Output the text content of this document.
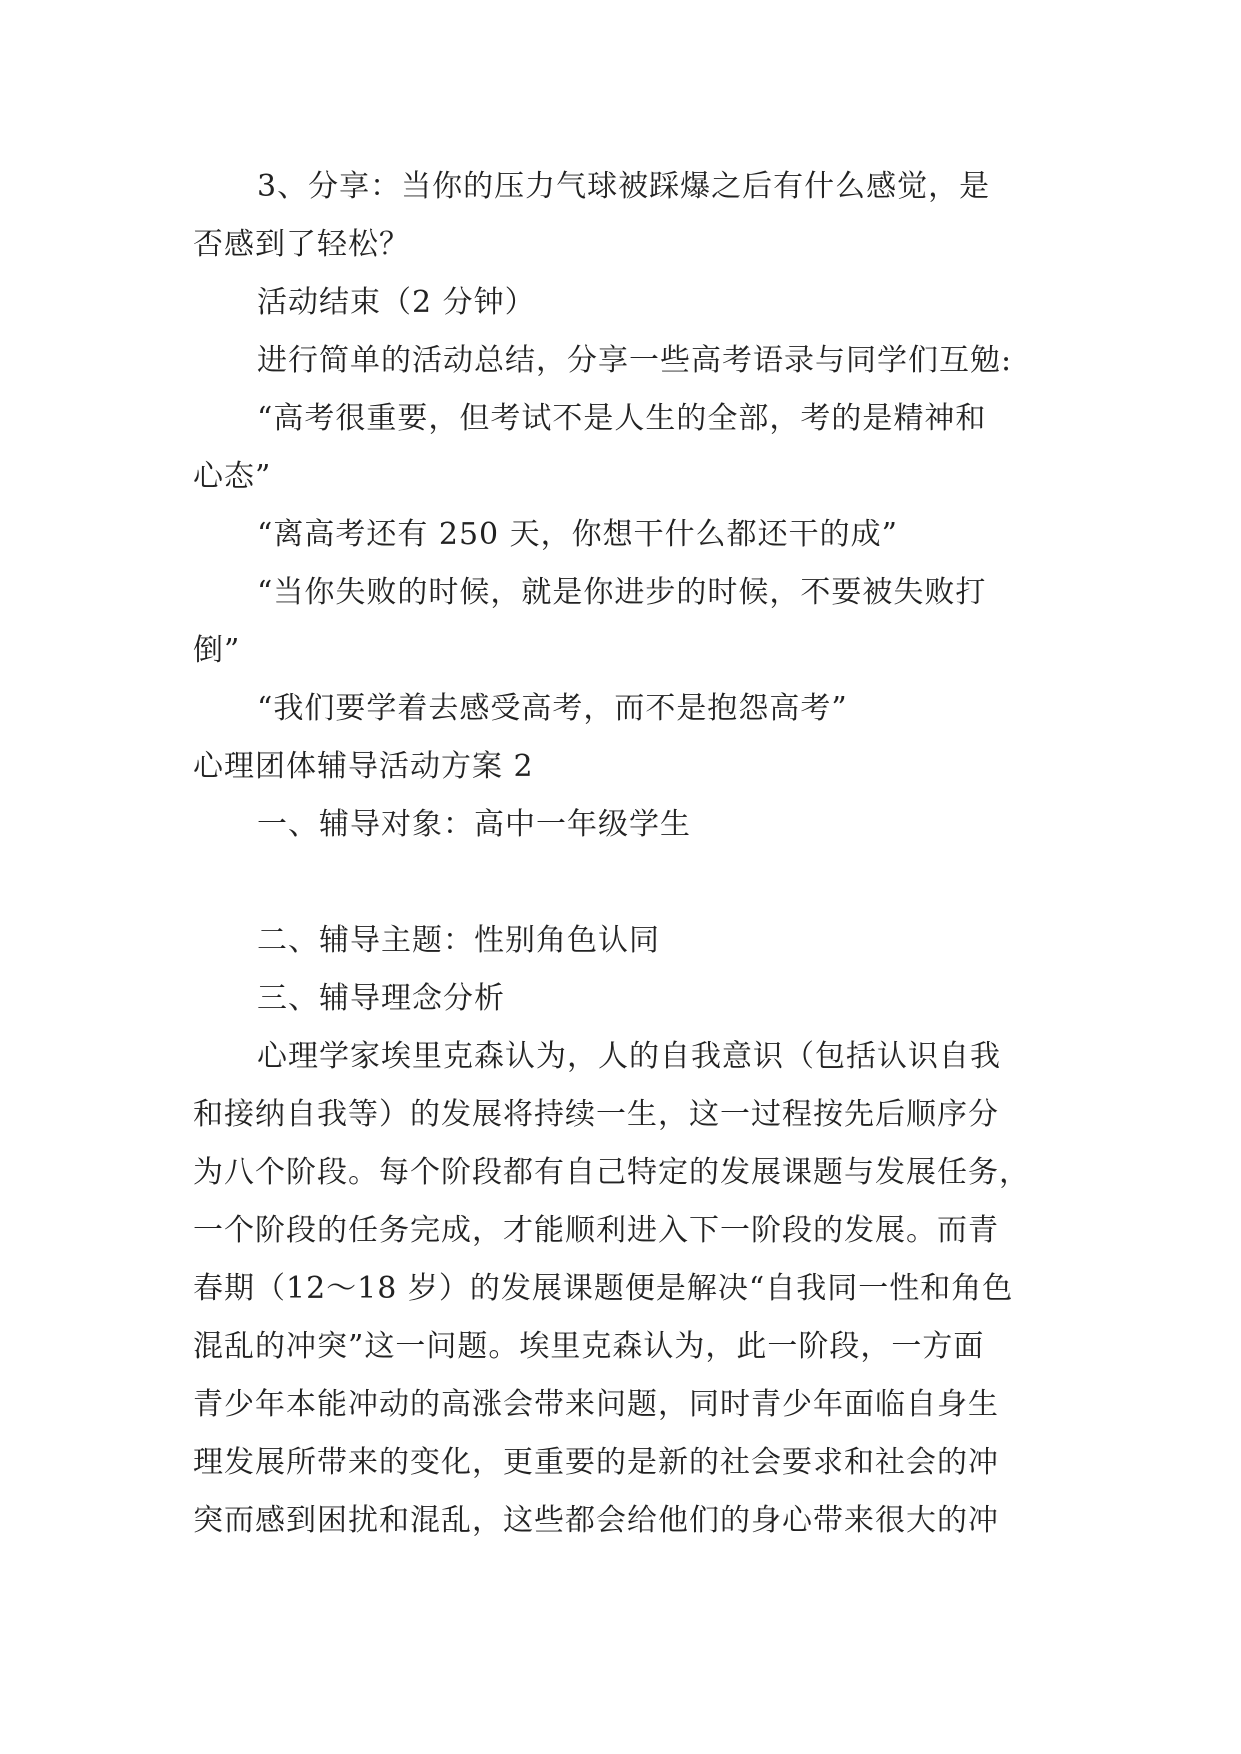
3、分享：当你的压力气球被踩爆之后有什么感觉，是
否感到了轻松？
活动结束（2 分钟）
进行简单的活动总结，分享一些高考语录与同学们互勉:
“高考很重要，但考试不是人生的全部，考的是精神和
心态”
“离高考还有 250 天，你想干什么都还干的成”
“当你失败的时候，就是你进步的时候，不要被失败打
倒”
“我们要学着去感受高考，而不是抱怨高考”
心理团体辅导活动方案 2
一、辅导对象：高中一年级学生
二、辅导主题：性别角色认同
三、辅导理念分析
心理学家埃里克森认为，人的自我意识（包括认识自我
和接纳自我等）的发展将持续一生，这一过程按先后顺序分
为八个阶段。每个阶段都有自己特定的发展课题与发展任务，
一个阶段的任务完成，才能顺利进入下一阶段的发展。而青
春期（12～18 岁）的发展课题便是解决“自我同一性和角色
混乱的冲突”这一问题。埃里克森认为，此一阶段，一方面
青少年本能冲动的高涨会带来问题，同时青少年面临自身生
理发展所带来的变化，更重要的是新的社会要求和社会的冲
突而感到困扰和混乱，这些都会给他们的身心带来很大的冲
